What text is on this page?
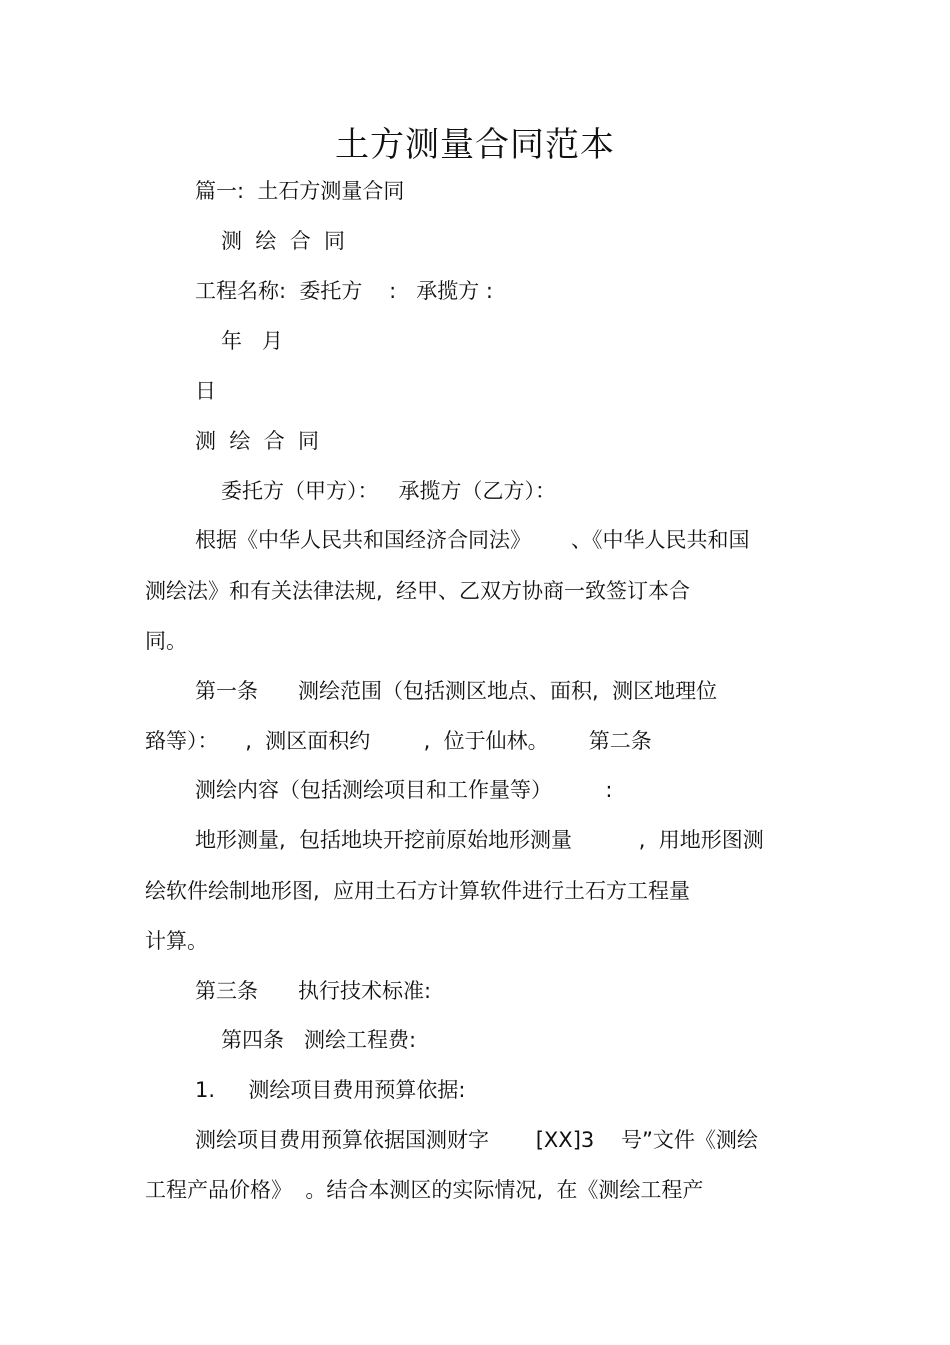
土方测量合同范本
篇一:  土石方测量合同
测  绘  合  同
工程名称:  委托方    :   承揽方 :
年   月
日
测  绘  合  同
委托方（甲方）：   承揽方（乙方）：
根据《中华人民共和国经济合同法》      、《中华人民共和国
测绘法》和有关法律法规,  经甲、乙双方协商一致签订本合
同。
第一条      测绘范围（包括测区地点、面积,  测区地理位
臵等）：    ,  测区面积约        ,  位于仙林。      第二条
测绘内容（包括测绘项目和工作量等）        :
地形测量,  包括地块开挖前原始地形测量          ,  用地形图测
绘软件绘制地形图,  应用土石方计算软件进行土石方工程量
计算。
第三条      执行技术标准:
第四条   测绘工程费:
1.     测绘项目费用预算依据:
测绘项目费用预算依据国测财字       [XX]3    号”文件《测绘
工程产品价格》  。结合本测区的实际情况,  在《测绘工程产
